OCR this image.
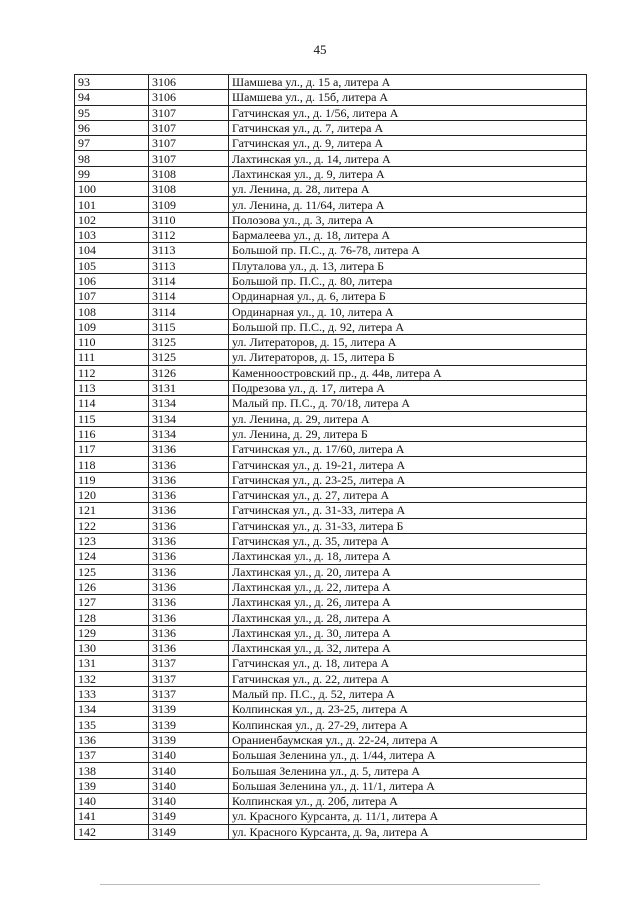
45
93	3106	Шамшева ул., д. 15 а, литера А
94	3106	Шамшева ул., д. 15б, литера А
95	3107	Гатчинская ул., д. 1/56, литера А
96	3107	Гатчинская ул., д. 7, литера А
97	3107	Гатчинская ул., д. 9, литера А
98	3107	Лахтинская ул., д. 14, литера А
99	3108	Лахтинская ул., д. 9, литера А
100	3108	ул. Ленина, д. 28, литера А
101	3109	ул. Ленина, д. 11/64, литера А
102	3110	Полозова ул., д. 3, литера А
103	3112	Бармалеева ул., д. 18, литера А
104	3113	Большой пр. П.С., д. 76-78, литера А
105	3113	Плуталова ул., д. 13, литера Б
106	3114	Большой пр. П.С., д. 80, литера
107	3114	Ординарная ул., д. 6, литера Б
108	3114	Ординарная ул., д. 10, литера А
109	3115	Большой пр. П.С., д. 92, литера А
110	3125	ул. Литераторов, д. 15, литера А
111	3125	ул. Литераторов, д. 15, литера Б
112	3126	Каменноостровский пр., д. 44в, литера А
113	3131	Подрезова ул., д. 17, литера А
114	3134	Малый пр. П.С., д. 70/18, литера А
115	3134	ул. Ленина, д. 29, литера А
116	3134	ул. Ленина, д. 29, литера Б
117	3136	Гатчинская ул., д. 17/60, литера А
118	3136	Гатчинская ул., д. 19-21, литера А
119	3136	Гатчинская ул., д. 23-25, литера А
120	3136	Гатчинская ул., д. 27, литера А
121	3136	Гатчинская ул., д. 31-33, литера А
122	3136	Гатчинская ул., д. 31-33, литера Б
123	3136	Гатчинская ул., д. 35, литера А
124	3136	Лахтинская ул., д. 18, литера А
125	3136	Лахтинская ул., д. 20, литера А
126	3136	Лахтинская ул., д. 22, литера А
127	3136	Лахтинская ул., д. 26, литера А
128	3136	Лахтинская ул., д. 28, литера А
129	3136	Лахтинская ул., д. 30, литера А
130	3136	Лахтинская ул., д. 32, литера А
131	3137	Гатчинская ул., д. 18, литера А
132	3137	Гатчинская ул., д. 22, литера А
133	3137	Малый пр. П.С., д. 52, литера А
134	3139	Колпинская ул., д. 23-25, литера А
135	3139	Колпинская ул., д. 27-29, литера А
136	3139	Ораниенбаумская ул., д. 22-24, литера А
137	3140	Большая Зеленина ул., д. 1/44, литера А
138	3140	Большая Зеленина ул., д. 5, литера А
139	3140	Большая Зеленина ул., д. 11/1, литера А
140	3140	Колпинская ул., д. 20б, литера А
141	3149	ул. Красного Курсанта, д. 11/1, литера А
142	3149	ул. Красного Курсанта, д. 9а, литера А
